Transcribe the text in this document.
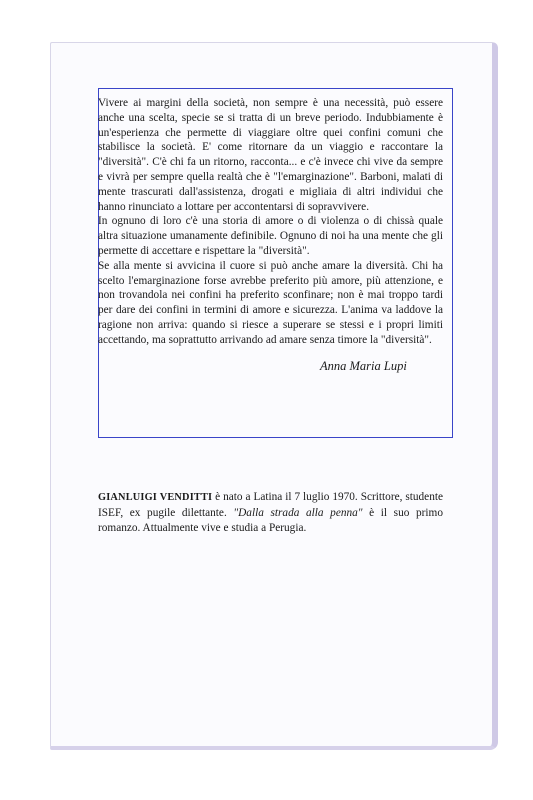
Vivere ai margini della società, non sempre è una necessità, può essere anche una scelta, specie se si tratta di un breve periodo. Indubbiamente è un'esperienza che permette di viaggiare oltre quei confini comuni che stabilisce la società. E' come ritornare da un viaggio e raccontare la "diversità". C'è chi fa un ritorno, racconta... e c'è invece chi vive da sempre e vivrà per sempre quella realtà che è "l'emarginazione". Barboni, malati di mente trascurati dall'assistenza, drogati e migliaia di altri individui che hanno rinunciato a lottare per accontentarsi di sopravvivere.

In ognuno di loro c'è una storia di amore o di violenza o di chissà quale altra situazione umanamente definibile. Ognuno di noi ha una mente che gli permette di accettare e rispettare la "diversità".

Se alla mente si avvicina il cuore si può anche amare la diversità. Chi ha scelto l'emarginazione forse avrebbe preferito più amore, più attenzione, e non trovandola nei confini ha preferito sconfinare; non è mai troppo tardi per dare dei confini in termini di amore e sicurezza. L'anima va laddove la ragione non arriva: quando si riesce a superare se stessi e i propri limiti accettando, ma soprattutto arrivando ad amare senza timore la "diversità".

Anna Maria Lupi
GIANLUIGI VENDITTI è nato a Latina il 7 luglio 1970. Scrittore, studente ISEF, ex pugile dilettante. "Dalla strada alla penna" è il suo primo romanzo. Attualmente vive e studia a Perugia.
